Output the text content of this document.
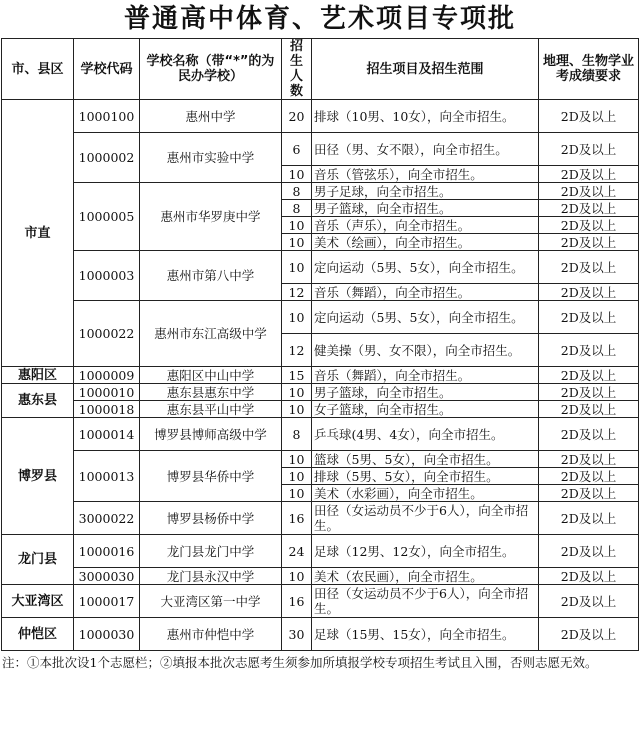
普通高中体育、艺术项目专项批
市、县区	学校代码	学校名称（带“*”的为民办学校）	招生人数	招生项目及招生范围	地理、生物学业考成绩要求
市直	1000100	惠州中学	20	排球（10男、10女），向全市招生。	2D及以上
	1000002	惠州市实验中学	6	田径（男、女不限），向全市招生。	2D及以上
			10	音乐（管弦乐），向全市招生。	2D及以上
	1000005	惠州市华罗庚中学	8	男子足球，向全市招生。	2D及以上
			8	男子篮球，向全市招生。	2D及以上
			10	音乐（声乐），向全市招生。	2D及以上
			10	美术（绘画），向全市招生。	2D及以上
	1000003	惠州市第八中学	10	定向运动（5男、5女），向全市招生。	2D及以上
			12	音乐（舞蹈），向全市招生。	2D及以上
	1000022	惠州市东江高级中学	10	定向运动（5男、5女），向全市招生。	2D及以上
			12	健美操（男、女不限），向全市招生。	2D及以上
惠阳区	1000009	惠阳区中山中学	15	音乐（舞蹈），向全市招生。	2D及以上
惠东县	1000010	惠东县惠东中学	10	男子篮球，向全市招生。	2D及以上
	1000018	惠东县平山中学	10	女子篮球，向全市招生。	2D及以上
博罗县	1000014	博罗县博师高级中学	8	乒乓球(4男、4女），向全市招生。	2D及以上
	1000013	博罗县华侨中学	10	篮球（5男、5女），向全市招生。	2D及以上
			10	排球（5男、5女），向全市招生。	2D及以上
			10	美术（水彩画），向全市招生。	2D及以上
	3000022	博罗县杨侨中学	16	田径（女运动员不少于6人），向全市招生。	2D及以上
龙门县	1000016	龙门县龙门中学	24	足球（12男、12女），向全市招生。	2D及以上
	3000030	龙门县永汉中学	10	美术（农民画），向全市招生。	2D及以上
大亚湾区	1000017	大亚湾区第一中学	16	田径（女运动员不少于6人），向全市招生。	2D及以上
仲恺区	1000030	惠州市仲恺中学	30	足球（15男、15女），向全市招生。	2D及以上
注：①本批次设1个志愿栏；②填报本批次志愿考生须参加所填报学校专项招生考试且入围，否则志愿无效。
